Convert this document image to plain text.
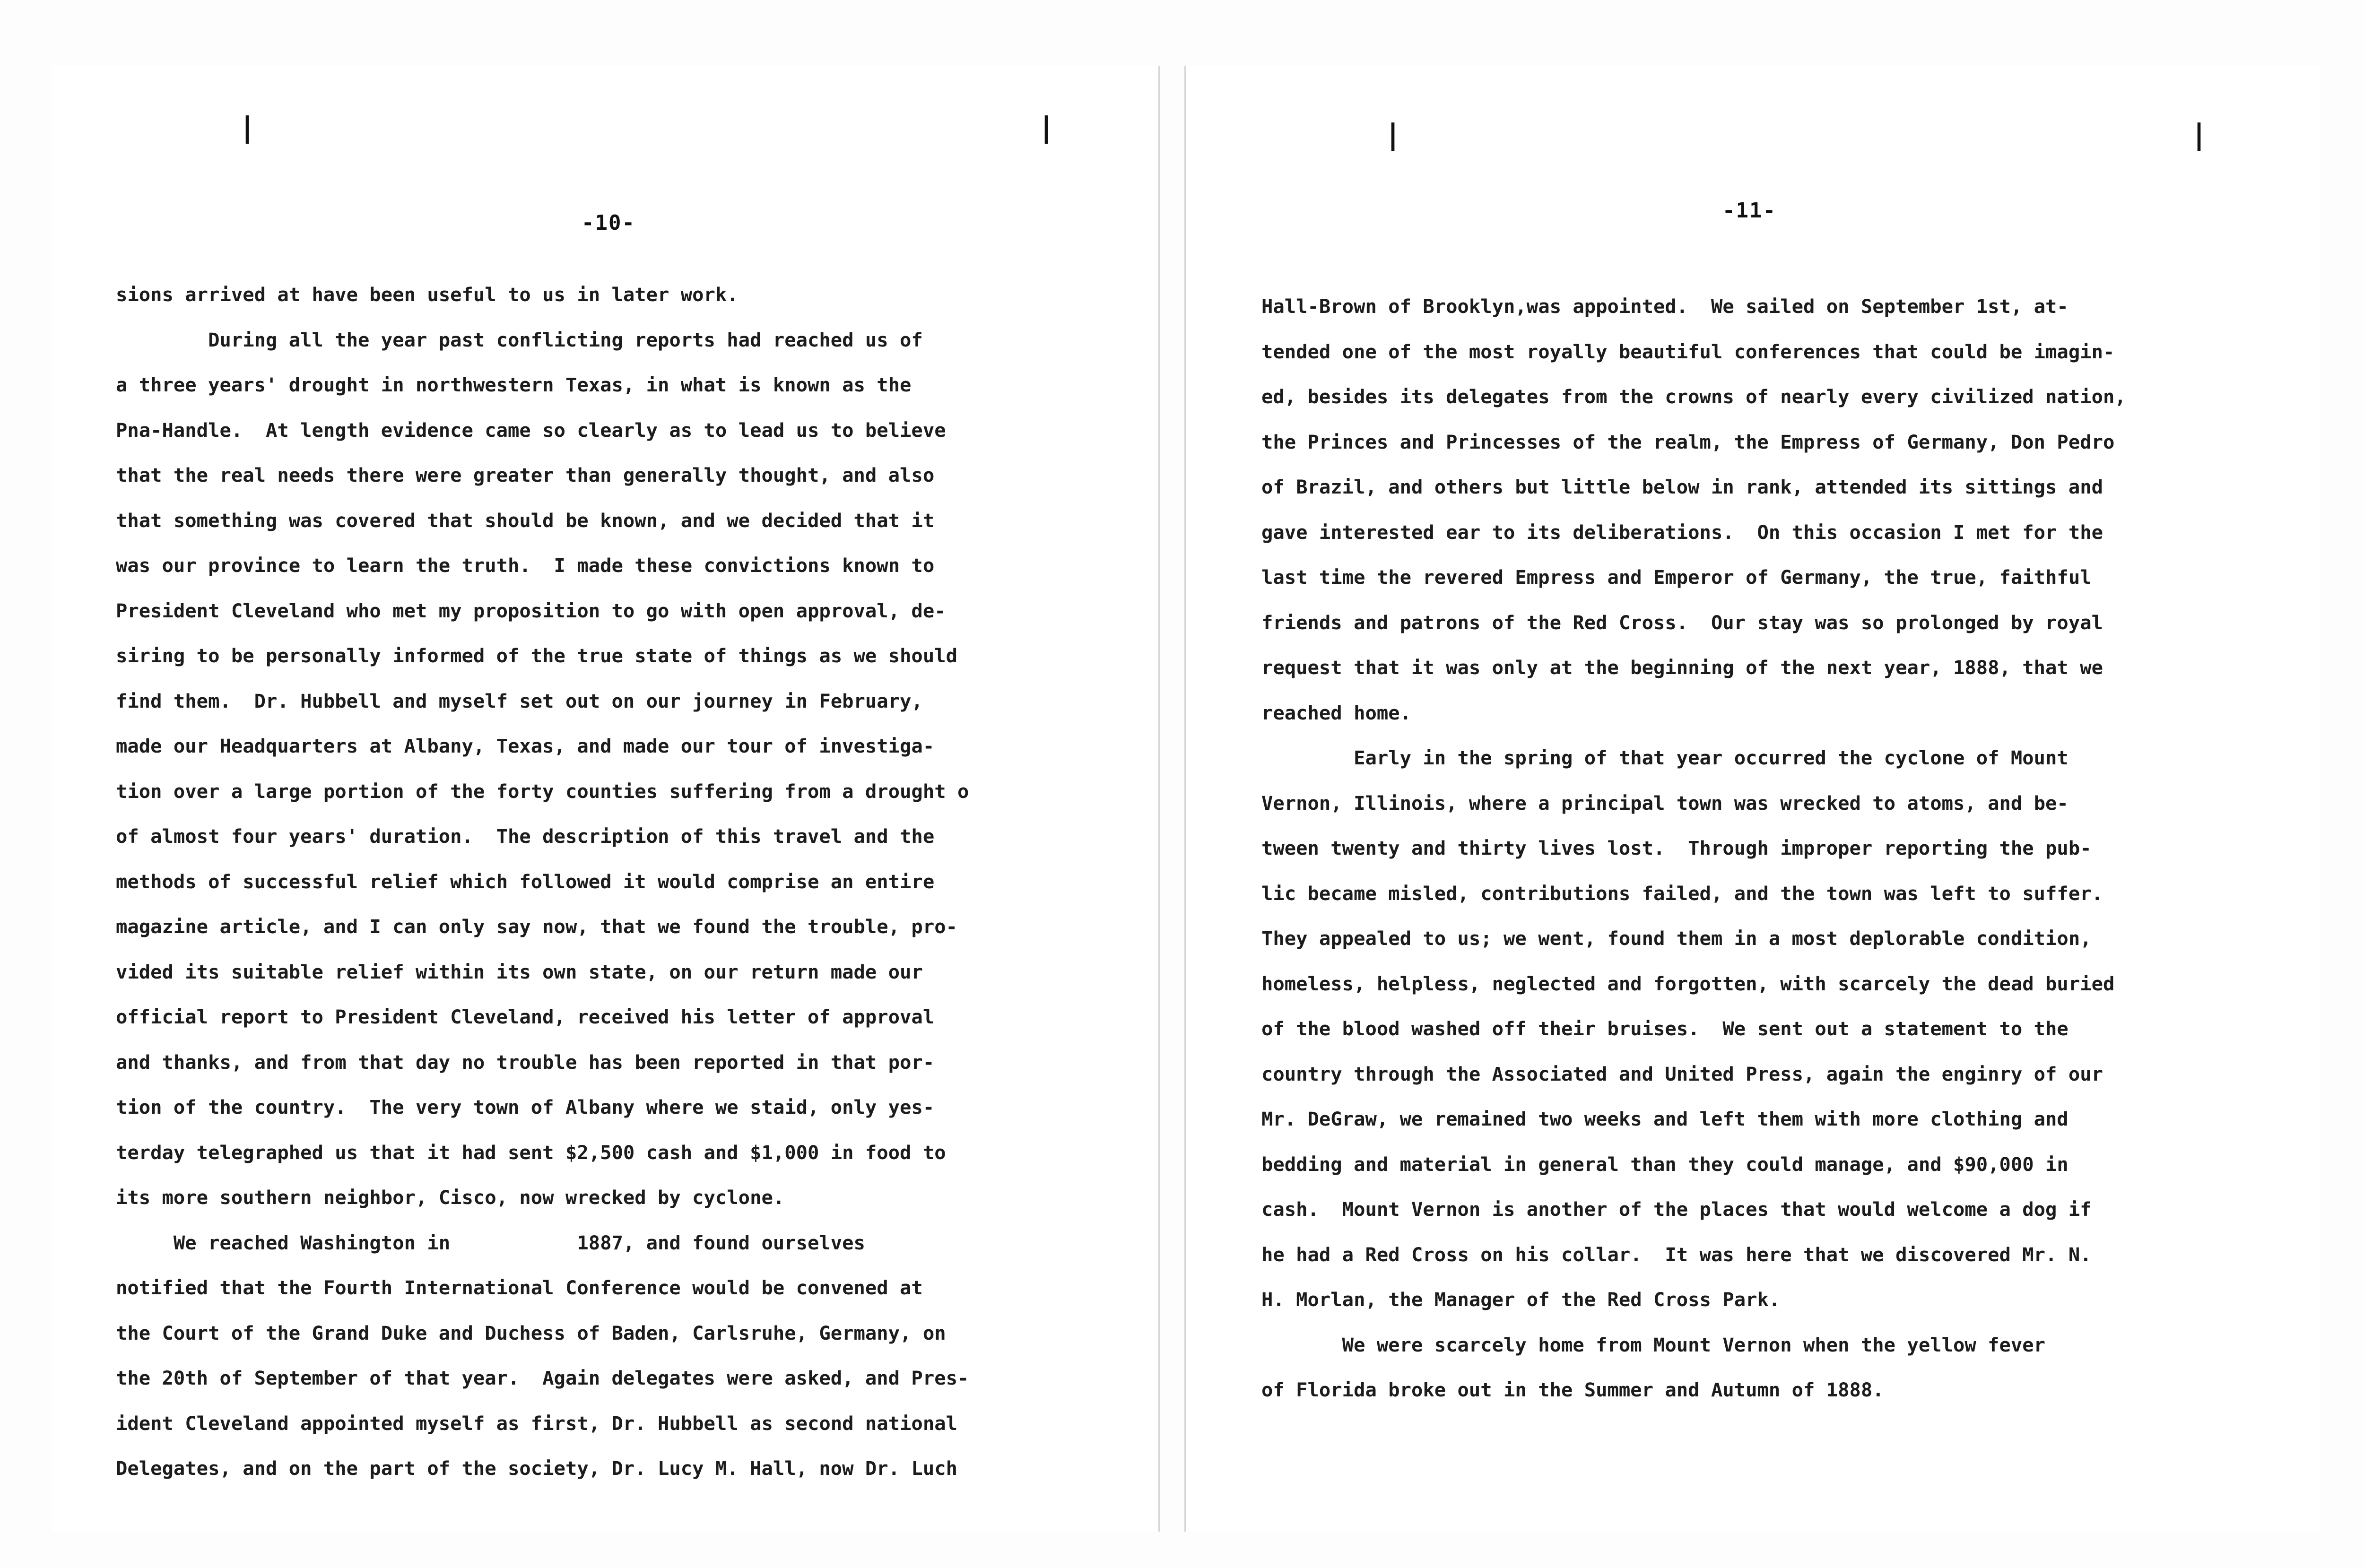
|	|
-10-
sions arrived at have been useful to us in later work.
During all the year past conflicting reports had reached us of
a three years' drought in northwestern Texas, in what is known as the
Pna-Handle.  At length evidence came so clearly as to lead us to believe
that the real needs there were greater than generally thought, and also
that something was covered that should be known, and we decided that it
was our province to learn the truth.  I made these convictions known to
President Cleveland who met my proposition to go with open approval, de-
siring to be personally informed of the true state of things as we should
find them.  Dr. Hubbell and myself set out on our journey in February,
made our Headquarters at Albany, Texas, and made our tour of investiga-
tion over a large portion of the forty counties suffering from a drought o
of almost four years' duration.  The description of this travel and the
methods of successful relief which followed it would comprise an entire
magazine article, and I can only say now, that we found the trouble, pro-
vided its suitable relief within its own state, on our return made our
official report to President Cleveland, received his letter of approval
and thanks, and from that day no trouble has been reported in that por-
tion of the country.  The very town of Albany where we staid, only yes-
terday telegraphed us that it had sent $2,500 cash and $1,000 in food to
its more southern neighbor, Cisco, now wrecked by cyclone.
We reached Washington in           1887, and found ourselves
notified that the Fourth International Conference would be convened at
the Court of the Grand Duke and Duchess of Baden, Carlsruhe, Germany, on
the 20th of September of that year.  Again delegates were asked, and Pres-
ident Cleveland appointed myself as first, Dr. Hubbell as second national
Delegates, and on the part of the society, Dr. Lucy M. Hall, now Dr. Luch
|	|
-11-
Hall-Brown of Brooklyn,was appointed.  We sailed on September 1st, at-
tended one of the most royally beautiful conferences that could be imagin-
ed, besides its delegates from the crowns of nearly every civilized nation,
the Princes and Princesses of the realm, the Empress of Germany, Don Pedro
of Brazil, and others but little below in rank, attended its sittings and
gave interested ear to its deliberations.  On this occasion I met for the
last time the revered Empress and Emperor of Germany, the true, faithful
friends and patrons of the Red Cross.  Our stay was so prolonged by royal
request that it was only at the beginning of the next year, 1888, that we
reached home.
Early in the spring of that year occurred the cyclone of Mount
Vernon, Illinois, where a principal town was wrecked to atoms, and be-
tween twenty and thirty lives lost.  Through improper reporting the pub-
lic became misled, contributions failed, and the town was left to suffer.
They appealed to us; we went, found them in a most deplorable condition,
homeless, helpless, neglected and forgotten, with scarcely the dead buried
of the blood washed off their bruises.  We sent out a statement to the
country through the Associated and United Press, again the enginry of our
Mr. DeGraw, we remained two weeks and left them with more clothing and
bedding and material in general than they could manage, and $90,000 in
cash.  Mount Vernon is another of the places that would welcome a dog if
he had a Red Cross on his collar.  It was here that we discovered Mr. N.
H. Morlan, the Manager of the Red Cross Park.
We were scarcely home from Mount Vernon when the yellow fever
of Florida broke out in the Summer and Autumn of 1888.
